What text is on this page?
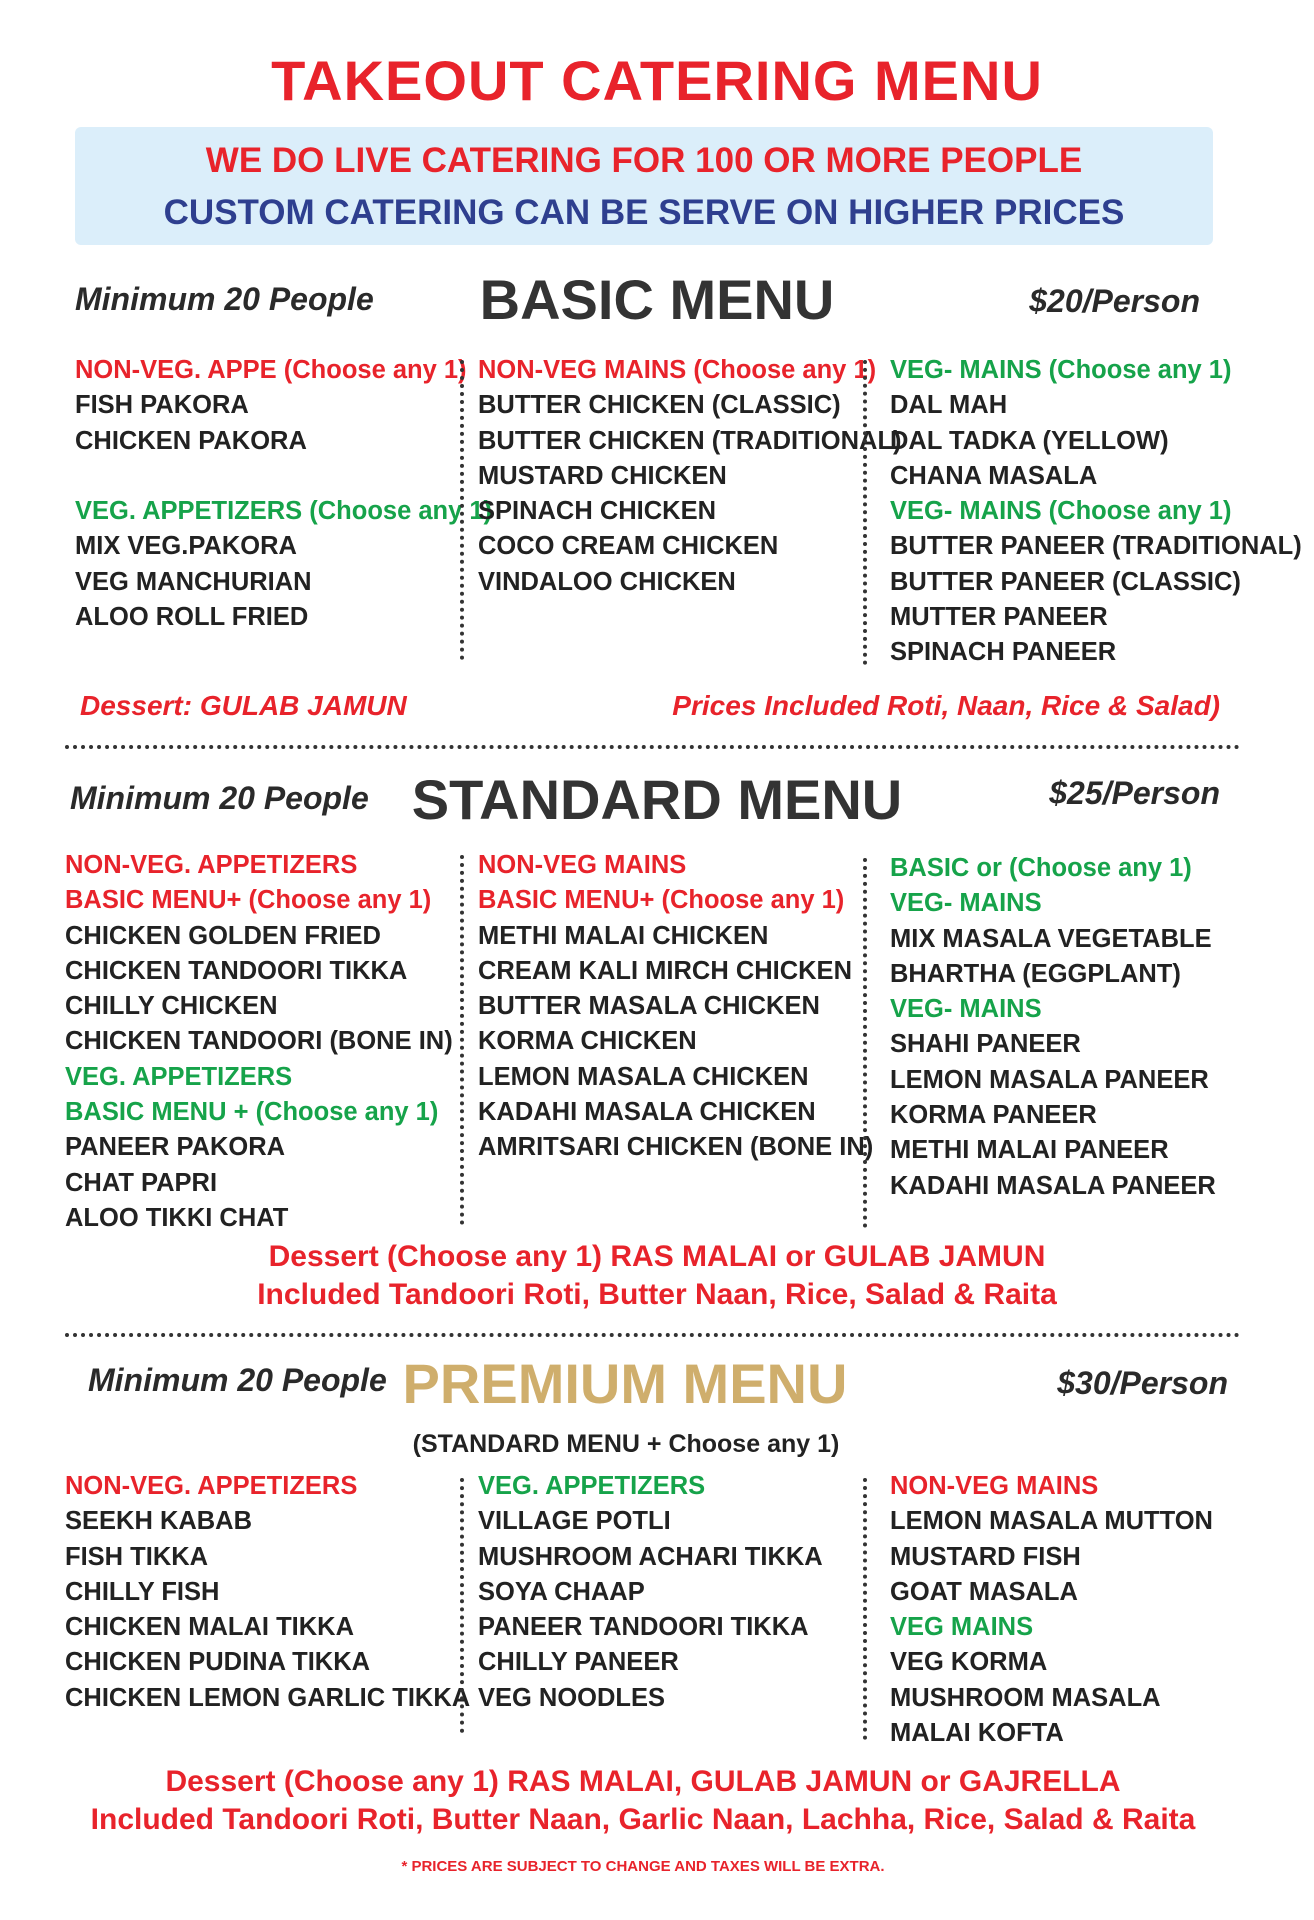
TAKEOUT CATERING MENU
WE DO LIVE CATERING FOR 100 OR MORE PEOPLE
CUSTOM CATERING CAN BE SERVE ON HIGHER PRICES
Minimum 20 People	BASIC MENU	$20/Person
NON-VEG. APPE (Choose any 1)
FISH PAKORA
CHICKEN PAKORA
VEG. APPETIZERS (Choose any 1)
MIX VEG.PAKORA
VEG MANCHURIAN
ALOO ROLL FRIED
NON-VEG MAINS (Choose any 1)
BUTTER CHICKEN (CLASSIC)
BUTTER CHICKEN (TRADITIONAL)
MUSTARD CHICKEN
SPINACH CHICKEN
COCO CREAM CHICKEN
VINDALOO CHICKEN
VEG- MAINS (Choose any 1)
DAL MAH
DAL TADKA (YELLOW)
CHANA MASALA
VEG- MAINS (Choose any 1)
BUTTER PANEER (TRADITIONAL)
BUTTER PANEER (CLASSIC)
MUTTER PANEER
SPINACH PANEER
Dessert: GULAB JAMUN	Prices Included Roti, Naan, Rice & Salad)
Minimum 20 People STANDARD MENU	$25/Person
NON-VEG. APPETIZERS
BASIC MENU+ (Choose any 1)
CHICKEN GOLDEN FRIED
CHICKEN TANDOORI TIKKA
CHILLY CHICKEN
CHICKEN TANDOORI (BONE IN)
VEG. APPETIZERS
BASIC MENU + (Choose any 1)
PANEER PAKORA
CHAT PAPRI
ALOO TIKKI CHAT
NON-VEG MAINS
BASIC MENU+ (Choose any 1)
METHI MALAI CHICKEN
CREAM KALI MIRCH CHICKEN
BUTTER MASALA CHICKEN
KORMA CHICKEN
LEMON MASALA CHICKEN
KADAHI MASALA CHICKEN
AMRITSARI CHICKEN (BONE IN)
BASIC or (Choose any 1)
VEG- MAINS
MIX MASALA VEGETABLE
BHARTHA (EGGPLANT)
VEG- MAINS
SHAHI PANEER
LEMON MASALA PANEER
KORMA PANEER
METHI MALAI PANEER
KADAHI MASALA PANEER
Dessert (Choose any 1) RAS MALAI or GULAB JAMUN
Included Tandoori Roti, Butter Naan, Rice, Salad & Raita
Minimum 20 People PREMIUM MENU	$30/Person
(STANDARD MENU + Choose any 1)
NON-VEG. APPETIZERS
SEEKH KABAB
FISH TIKKA
CHILLY FISH
CHICKEN MALAI TIKKA
CHICKEN PUDINA TIKKA
CHICKEN LEMON GARLIC TIKKA
VEG. APPETIZERS
VILLAGE POTLI
MUSHROOM ACHARI TIKKA
SOYA CHAAP
PANEER TANDOORI TIKKA
CHILLY PANEER
VEG NOODLES
NON-VEG MAINS
LEMON MASALA MUTTON
MUSTARD FISH
GOAT MASALA
VEG MAINS
VEG KORMA
MUSHROOM MASALA
MALAI KOFTA
Dessert (Choose any 1) RAS MALAI, GULAB JAMUN or GAJRELLA
Included Tandoori Roti, Butter Naan, Garlic Naan, Lachha, Rice, Salad & Raita
* PRICES ARE SUBJECT TO CHANGE AND TAXES WILL BE EXTRA.
